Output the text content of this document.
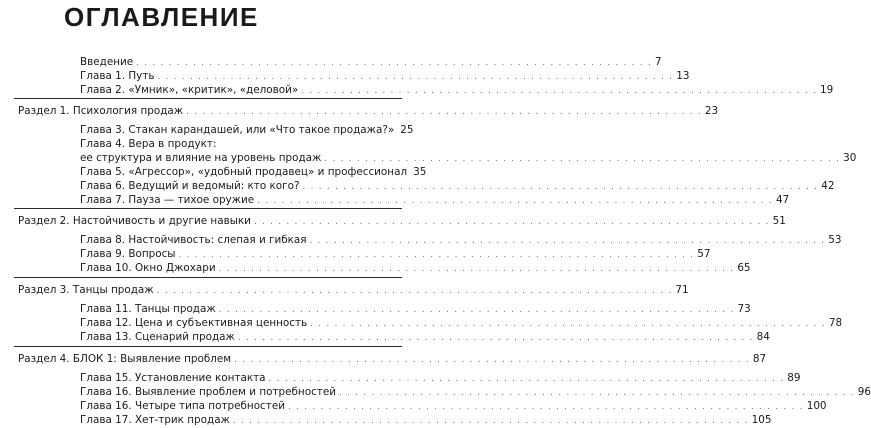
ОГЛАВЛЕНИЕ
Введение . . . . . . . . . . . . . . . . . . . . . . . . . . . . . . . . . . . . . . . . . . . . . . . . . . . . . . . . . . . . . . . . 7
Глава 1. Путь . . . . . . . . . . . . . . . . . . . . . . . . . . . . . . . . . . . . . . . . . . . . . . . . . . . . . . . . . . . . . . . . 13
Глава 2. «Умник», «критик», «деловой» . . . . . . . . . . . . . . . . . . . . . . . . . . . . . . . . . . . . . . . . . . . . . . . . . . . . . . . . . . . . . . . . 19
Раздел 1. Психология продаж . . . . . . . . . . . . . . . . . . . . . . . . . . . . . . . . . . . . . . . . . . . . . . . . . . . . . . . . . . . . . . . . 23
Глава 3. Стакан карандашей, или «Что такое продажа?» 25
Глава 4. Вера в продукт:
ее структура и влияние на уровень продаж . . . . . . . . . . . . . . . . . . . . . . . . . . . . . . . . . . . . . . . . . . . . . . . . . . . . . . . . . . . . . . . . 30
Глава 5. «Агрессор», «удобный продавец» и профессионал 35
Глава 6. Ведущий и ведомый: кто кого? . . . . . . . . . . . . . . . . . . . . . . . . . . . . . . . . . . . . . . . . . . . . . . . . . . . . . . . . . . . . . . . . 42
Глава 7. Пауза — тихое оружие . . . . . . . . . . . . . . . . . . . . . . . . . . . . . . . . . . . . . . . . . . . . . . . . . . . . . . . . . . . . . . . . 47
Раздел 2. Настойчивость и другие навыки . . . . . . . . . . . . . . . . . . . . . . . . . . . . . . . . . . . . . . . . . . . . . . . . . . . . . . . . . . . . . . . . 51
Глава 8. Настойчивость: слепая и гибкая . . . . . . . . . . . . . . . . . . . . . . . . . . . . . . . . . . . . . . . . . . . . . . . . . . . . . . . . . . . . . . . . 53
Глава 9. Вопросы . . . . . . . . . . . . . . . . . . . . . . . . . . . . . . . . . . . . . . . . . . . . . . . . . . . . . . . . . . . . . . . . 57
Глава 10. Окно Джохари . . . . . . . . . . . . . . . . . . . . . . . . . . . . . . . . . . . . . . . . . . . . . . . . . . . . . . . . . . . . . . . . 65
Раздел 3. Танцы продаж . . . . . . . . . . . . . . . . . . . . . . . . . . . . . . . . . . . . . . . . . . . . . . . . . . . . . . . . . . . . . . . . 71
Глава 11. Танцы продаж . . . . . . . . . . . . . . . . . . . . . . . . . . . . . . . . . . . . . . . . . . . . . . . . . . . . . . . . . . . . . . . . 73
Глава 12. Цена и субъективная ценность . . . . . . . . . . . . . . . . . . . . . . . . . . . . . . . . . . . . . . . . . . . . . . . . . . . . . . . . . . . . . . . . 78
Глава 13. Сценарий продаж . . . . . . . . . . . . . . . . . . . . . . . . . . . . . . . . . . . . . . . . . . . . . . . . . . . . . . . . . . . . . . . . 84
Раздел 4. БЛОК 1: Выявление проблем . . . . . . . . . . . . . . . . . . . . . . . . . . . . . . . . . . . . . . . . . . . . . . . . . . . . . . . . . . . . . . . . 87
Глава 15. Установление контакта . . . . . . . . . . . . . . . . . . . . . . . . . . . . . . . . . . . . . . . . . . . . . . . . . . . . . . . . . . . . . . . . 89
Глава 16. Выявление проблем и потребностей . . . . . . . . . . . . . . . . . . . . . . . . . . . . . . . . . . . . . . . . . . . . . . . . . . . . . . . . . . . . . . . . 96
Глава 16. Четыре типа потребностей . . . . . . . . . . . . . . . . . . . . . . . . . . . . . . . . . . . . . . . . . . . . . . . . . . . . . . . . . . . . . . . . 100
Глава 17. Хет-трик продаж . . . . . . . . . . . . . . . . . . . . . . . . . . . . . . . . . . . . . . . . . . . . . . . . . . . . . . . . . . . . . . . . 105
